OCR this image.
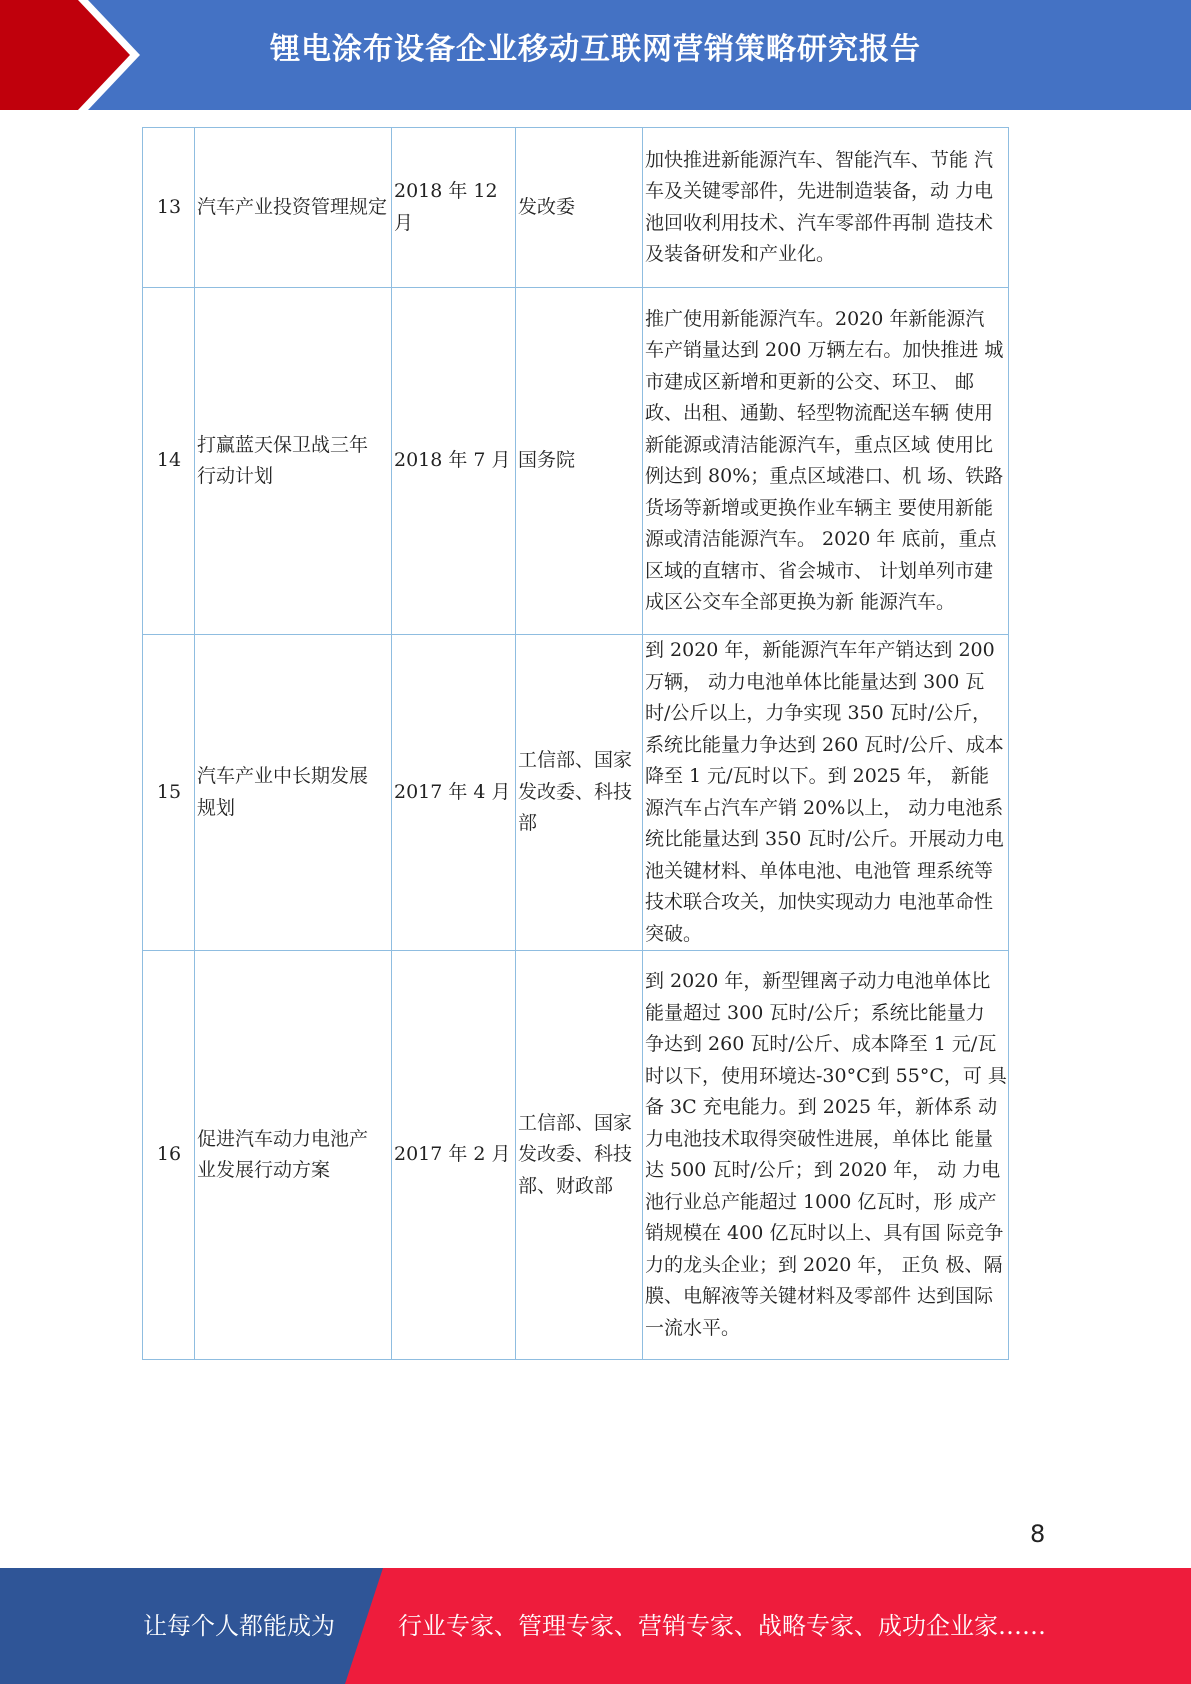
锂电涂布设备企业移动互联网营销策略研究报告
13	汽车产业投资管理规定	2018 年 12 月	发改委	加快推进新能源汽车、智能汽车、节能 汽车及关键零部件，先进制造装备，动 力电池回收利用技术、汽车零部件再制 造技术及装备研发和产业化。
14	打赢蓝天保卫战三年 行动计划	2018 年 7 月	国务院	推广使用新能源汽车。2020 年新能源汽 车产销量达到 200 万辆左右。加快推进 城市建成区新增和更新的公交、环卫、 邮政、出租、通勤、轻型物流配送车辆 使用新能源或清洁能源汽车，重点区域 使用比例达到 80%；重点区域港口、机 场、铁路货场等新增或更换作业车辆主 要使用新能源或清洁能源汽车。 2020 年 底前，重点区域的直辖市、省会城市、 计划单列市建成区公交车全部更换为新 能源汽车。
15	汽车产业中长期发展 规划	2017 年 4 月	工信部、国家发改委、科技部	到 2020 年，新能源汽车年产销达到 200 万辆， 动力电池单体比能量达到 300 瓦时/公斤以上，力争实现 350 瓦时/公斤，系统比能量力争达到 260 瓦时/公斤、成本降至 1 元/瓦时以下。到 2025 年， 新能源汽车占汽车产销 20%以上， 动力电池系统比能量达到 350 瓦时/公斤。开展动力电池关键材料、单体电池、电池管 理系统等技术联合攻关，加快实现动力 电池革命性突破。
16	促进汽车动力电池产 业发展行动方案	2017 年 2 月	工信部、国家发改委、科技部、财政部	到 2020 年，新型锂离子动力电池单体比 能量超过 300 瓦时/公斤；系统比能量力 争达到 260 瓦时/公斤、成本降至 1 元/瓦 时以下，使用环境达-30°C到 55°C，可 具备 3C 充电能力。到 2025 年，新体系 动力电池技术取得突破性进展，单体比 能量达 500 瓦时/公斤；到 2020 年， 动 力电池行业总产能超过 1000 亿瓦时，形 成产销规模在 400 亿瓦时以上、具有国 际竞争力的龙头企业；到 2020 年， 正负 极、隔膜、电解液等关键材料及零部件 达到国际一流水平。
8
让每个人都能成为	行业专家、管理专家、营销专家、战略专家、成功企业家……
